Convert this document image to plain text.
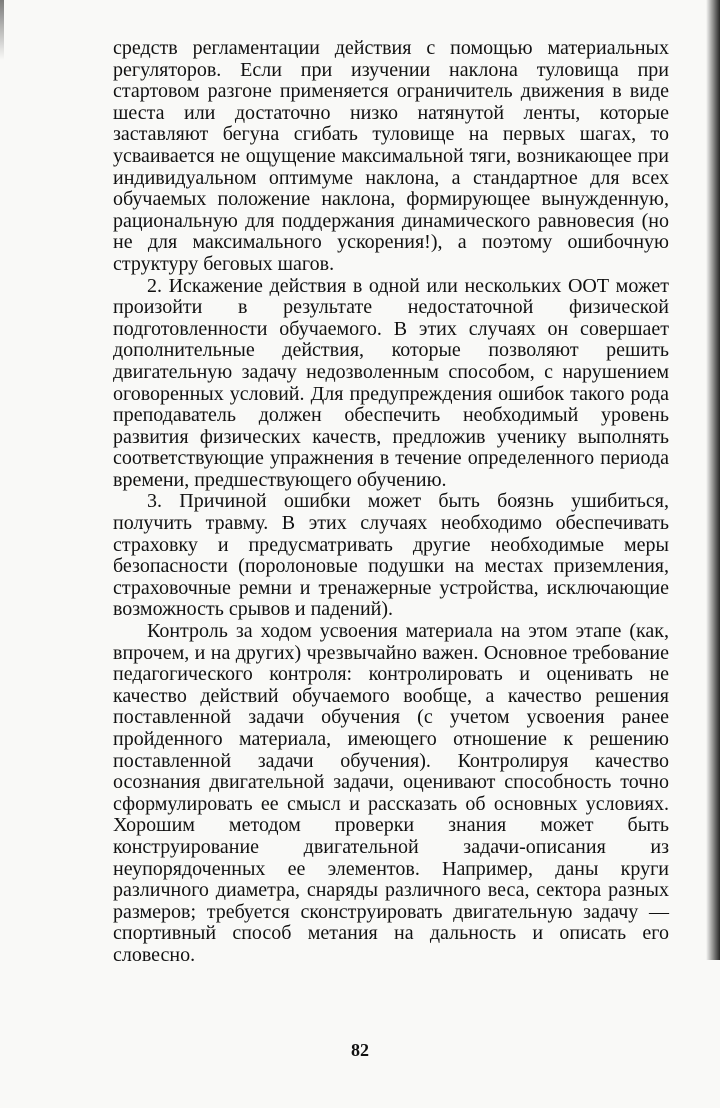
средств регламентации действия с помощью материальных регуляторов. Если при изучении наклона туловища при стартовом разгоне применяется ограничитель движения в виде шеста или достаточно низко натянутой ленты, которые заставляют бегуна сгибать туловище на первых шагах, то усваивается не ощущение максимальной тяги, возникающее при индивидуальном оптимуме наклона, а стандартное для всех обучаемых положение наклона, формирующее вынужденную, рациональную для поддержания динамического равновесия (но не для максимального ускорения!), а поэтому ошибочную структуру беговых шагов.

2. Искажение действия в одной или нескольких ООТ может произойти в результате недостаточной физической подготовленности обучаемого. В этих случаях он совершает дополнительные действия, которые позволяют решить двигательную задачу недозволенным способом, с нарушением оговоренных условий. Для предупреждения ошибок такого рода преподаватель должен обеспечить необходимый уровень развития физических качеств, предложив ученику выполнять соответствующие упражнения в течение определенного периода времени, предшествующего обучению.

3. Причиной ошибки может быть боязнь ушибиться, получить травму. В этих случаях необходимо обеспечивать страховку и предусматривать другие необходимые меры безопасности (поролоновые подушки на местах приземления, страховочные ремни и тренажерные устройства, исключающие возможность срывов и падений).

Контроль за ходом усвоения материала на этом этапе (как, впрочем, и на других) чрезвычайно важен. Основное требование педагогического контроля: контролировать и оценивать не качество действий обучаемого вообще, а качество решения поставленной задачи обучения (с учетом усвоения ранее пройденного материала, имеющего отношение к решению поставленной задачи обучения). Контролируя качество осознания двигательной задачи, оценивают способность точно сформулировать ее смысл и рассказать об основных условиях. Хорошим методом проверки знания может быть конструирование двигательной задачи-описания из неупорядоченных ее элементов. Например, даны круги различного диаметра, снаряды различного веса, сектора разных размеров; требуется сконструировать двигательную задачу — спортивный способ метания на дальность и описать его словесно.

82
